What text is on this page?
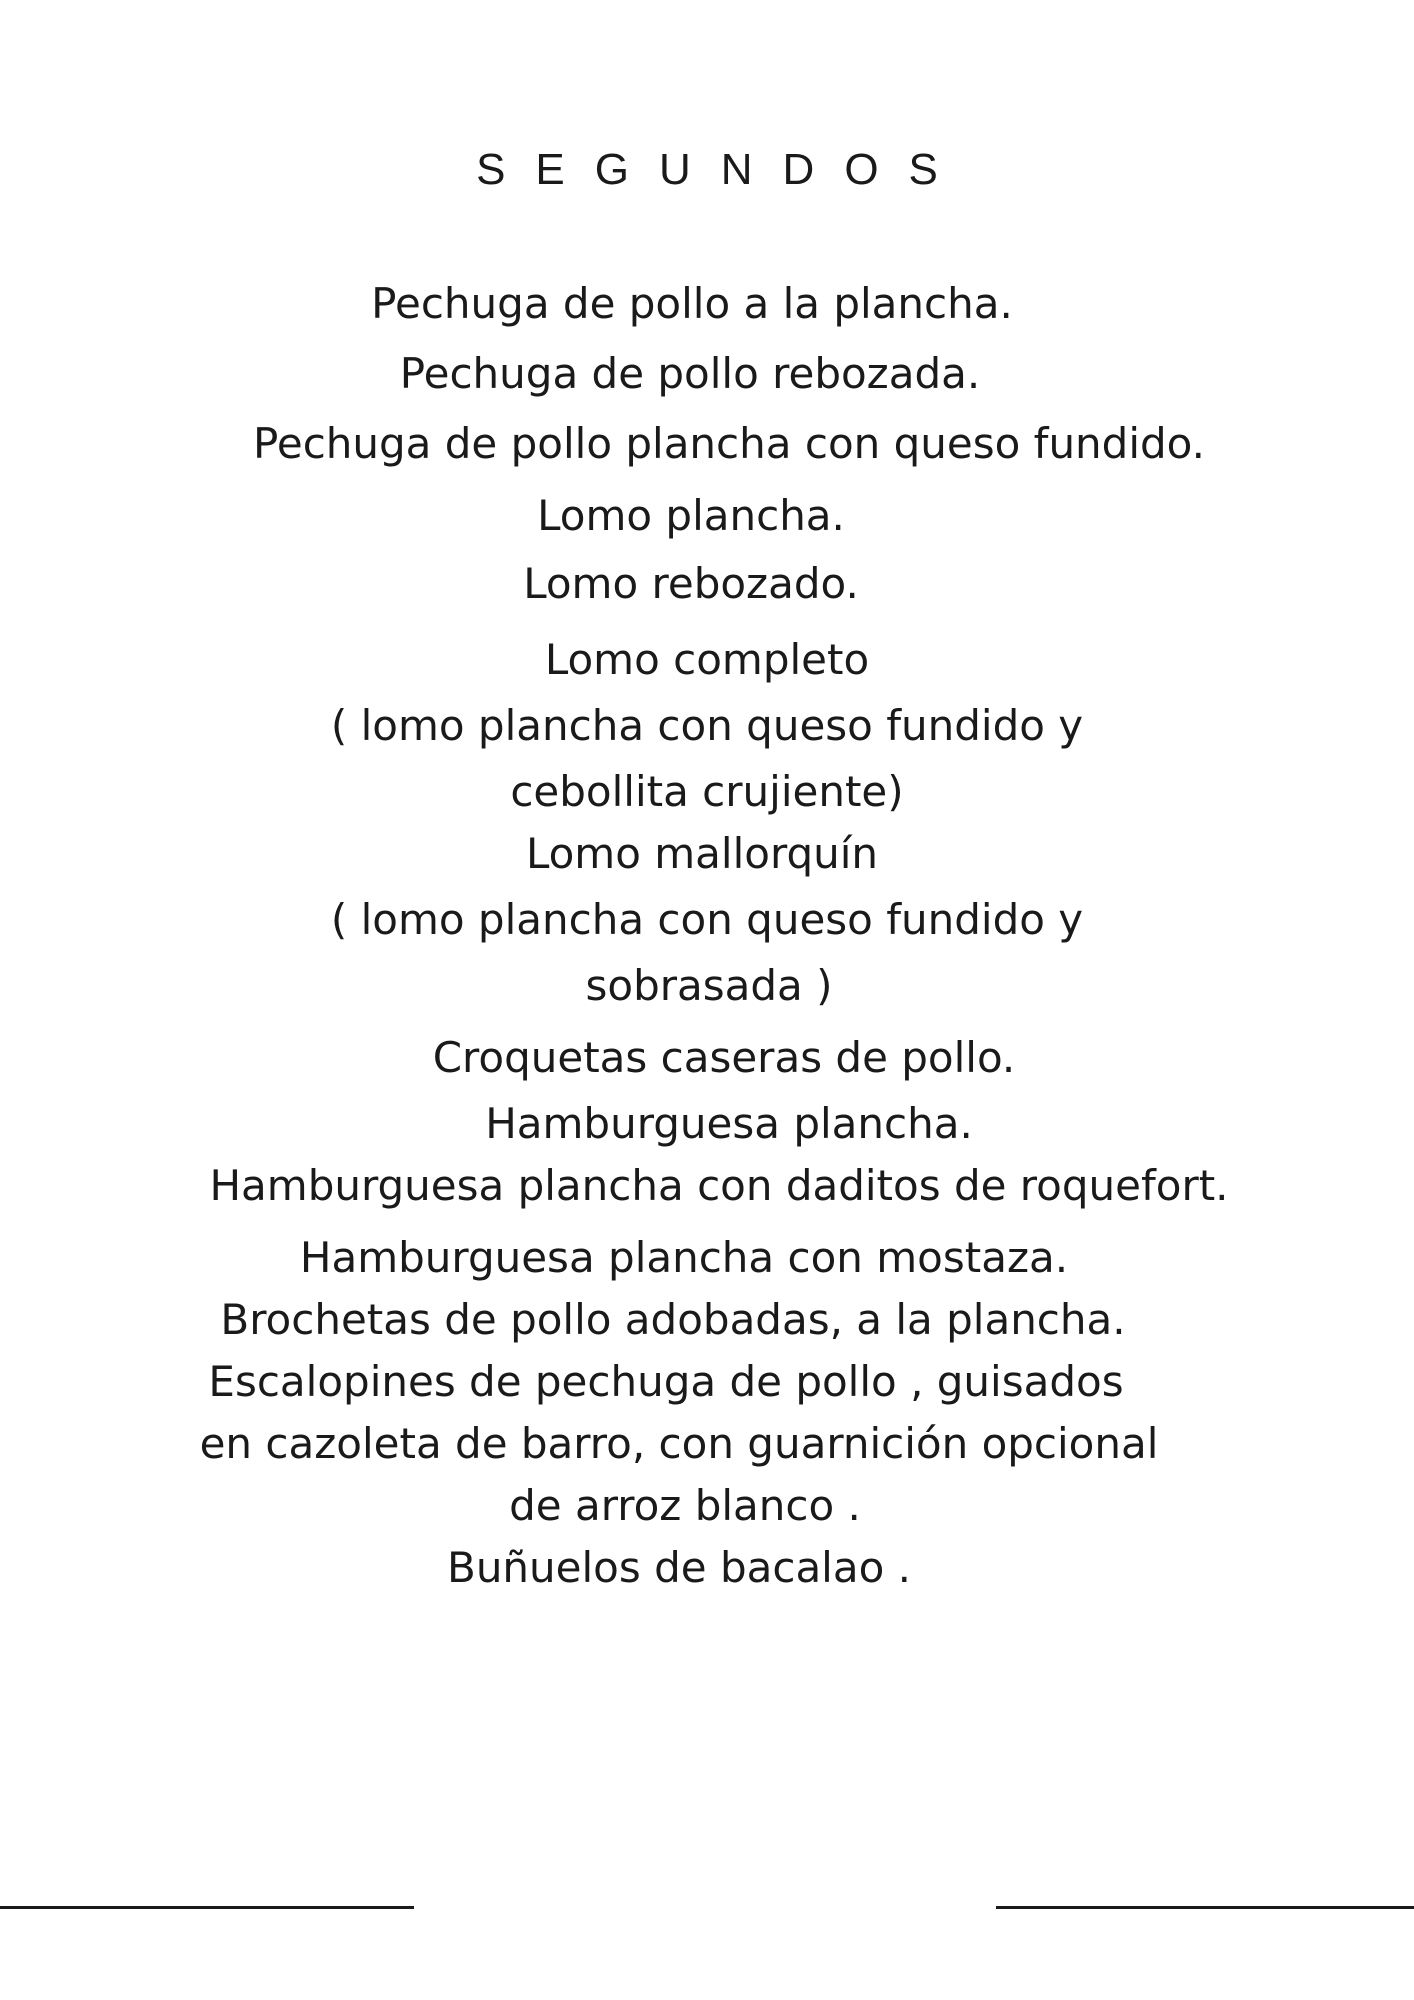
SEGUNDOS
Pechuga de pollo a la plancha.
Pechuga de pollo rebozada.
Pechuga de pollo plancha con queso fundido.
Lomo plancha.
Lomo rebozado.
Lomo completo
( lomo plancha con queso fundido y
cebollita crujiente)
Lomo mallorquín
( lomo plancha con queso fundido y
sobrasada )
Croquetas caseras de pollo.
Hamburguesa plancha.
Hamburguesa plancha con daditos de roquefort.
Hamburguesa plancha con mostaza.
Brochetas de pollo adobadas, a la plancha.
Escalopines de pechuga de pollo , guisados
en cazoleta de barro, con guarnición opcional
de arroz blanco .
Buñuelos de bacalao .
